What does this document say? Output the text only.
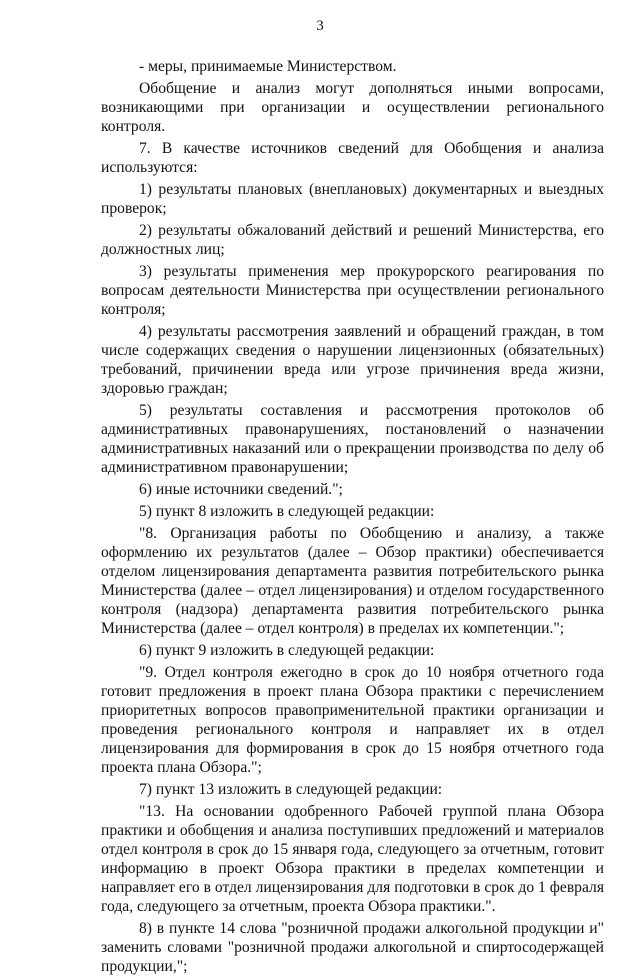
3

- меры, принимаемые Министерством.

Обобщение и анализ могут дополняться иными вопросами, возникающими при организации и осуществлении регионального контроля.

7. В качестве источников сведений для Обобщения и анализа используются:

1) результаты плановых (внеплановых) документарных и выездных проверок;

2) результаты обжалований действий и решений Министерства, его должностных лиц;

3) результаты применения мер прокурорского реагирования по вопросам деятельности Министерства при осуществлении регионального контроля;

4) результаты рассмотрения заявлений и обращений граждан, в том числе содержащих сведения о нарушении лицензионных (обязательных) требований, причинении вреда или угрозе причинения вреда жизни, здоровью граждан;

5) результаты составления и рассмотрения протоколов об административных правонарушениях, постановлений о назначении административных наказаний или о прекращении производства по делу об административном правонарушении;

6) иные источники сведений.";

5) пункт 8 изложить в следующей редакции:

"8. Организация работы по Обобщению и анализу, а также оформлению их результатов (далее – Обзор практики) обеспечивается отделом лицензирования департамента развития потребительского рынка Министерства (далее – отдел лицензирования) и отделом государственного контроля (надзора) департамента развития потребительского рынка Министерства (далее – отдел контроля) в пределах их компетенции.";

6) пункт 9 изложить в следующей редакции:

"9. Отдел контроля ежегодно в срок до 10 ноября отчетного года готовит предложения в проект плана Обзора практики с перечислением приоритетных вопросов правоприменительной практики организации и проведения регионального контроля и направляет их в отдел лицензирования для формирования в срок до 15 ноября отчетного года проекта плана Обзора.";

7) пункт 13 изложить в следующей редакции:

"13. На основании одобренного Рабочей группой плана Обзора практики и обобщения и анализа поступивших предложений и материалов отдел контроля в срок до 15 января года, следующего за отчетным, готовит информацию в проект Обзора практики в пределах компетенции и направляет его в отдел лицензирования для подготовки в срок до 1 февраля года, следующего за отчетным, проекта Обзора практики.".

8) в пункте 14 слова "розничной продажи алкогольной продукции и" заменить словами "розничной продажи алкогольной и спиртосодержащей продукции,";
